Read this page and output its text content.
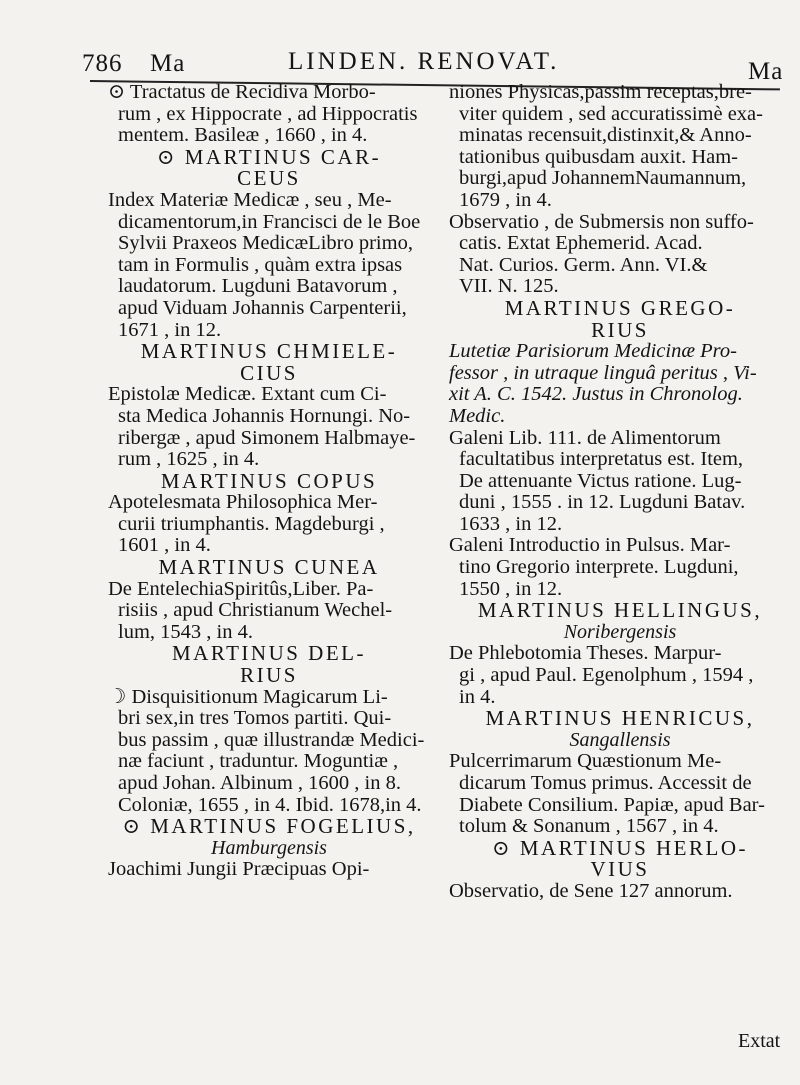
786 Ma	LINDEN. RENOVAT.	Ma
⊙ Tractatus de Recidiva Morbo-
rum , ex Hippocrate , ad Hippocratis
mentem. Basileæ , 1660 , in 4.
⊙ MARTINUS CAR-
CEUS
Index Materiæ Medicæ , seu , Me-
dicamentorum,in Francisci de le Boe
Sylvii Praxeos MedicæLibro primo,
tam in Formulis , quàm extra ipsas
laudatorum. Lugduni Batavorum ,
apud Viduam Johannis Carpenterii,
1671 , in 12.
MARTINUS CHMIELE-
CIUS
Epistolæ Medicæ. Extant cum Ci-
sta Medica Johannis Hornungi. No-
ribergæ , apud Simonem Halbmaye-
rum , 1625 , in 4.
MARTINUS COPUS
Apotelesmata Philosophica Mer-
curii triumphantis. Magdeburgi ,
1601 , in 4.
MARTINUS CUNEA
De EntelechiaSpiritûs,Liber. Pa-
risiis , apud Christianum Wechel-
lum, 1543 , in 4.
MARTINUS DEL-
RIUS
☽ Disquisitionum Magicarum Li-
bri sex,in tres Tomos partiti. Qui-
bus passim , quæ illustrandæ Medici-
næ faciunt , traduntur. Moguntiæ ,
apud Johan. Albinum , 1600 , in 8.
Coloniæ, 1655 , in 4. Ibid. 1678,in 4.
⊙ MARTINUS FOGELIUS,
Hamburgensis
Joachimi Jungii Præcipuas Opi-
niones Physicas,passim receptas,bre-
viter quidem , sed accuratissimè exa-
minatas recensuit,distinxit,& Anno-
tationibus quibusdam auxit. Ham-
burgi,apud JohannemNaumannum,
1679 , in 4.
Observatio , de Submersis non suffo-
catis. Extat Ephemerid. Acad.
Nat. Curios. Germ. Ann. VI.&
VII. N. 125.
MARTINUS GREGO-
RIUS
Lutetiæ Parisiorum Medicinæ Pro-
fessor , in utraque linguâ peritus , Vi-
xit A. C. 1542. Justus in Chronolog.
Medic.
Galeni Lib. 111. de Alimentorum
facultatibus interpretatus est. Item,
De attenuante Victus ratione. Lug-
duni , 1555 . in 12. Lugduni Batav.
1633 , in 12.
Galeni Introductio in Pulsus. Mar-
tino Gregorio interprete. Lugduni,
1550 , in 12.
MARTINUS HELLINGUS,
Noribergensis
De Phlebotomia Theses. Marpur-
gi , apud Paul. Egenolphum , 1594 ,
in 4.
MARTINUS HENRICUS,
Sangallensis
Pulcerrimarum Quæstionum Me-
dicarum Tomus primus. Accessit de
Diabete Consilium. Papiæ, apud Bar-
tolum & Sonanum , 1567 , in 4.
⊙ MARTINUS HERLO-
VIUS
Observatio, de Sene 127 annorum.
Extat
